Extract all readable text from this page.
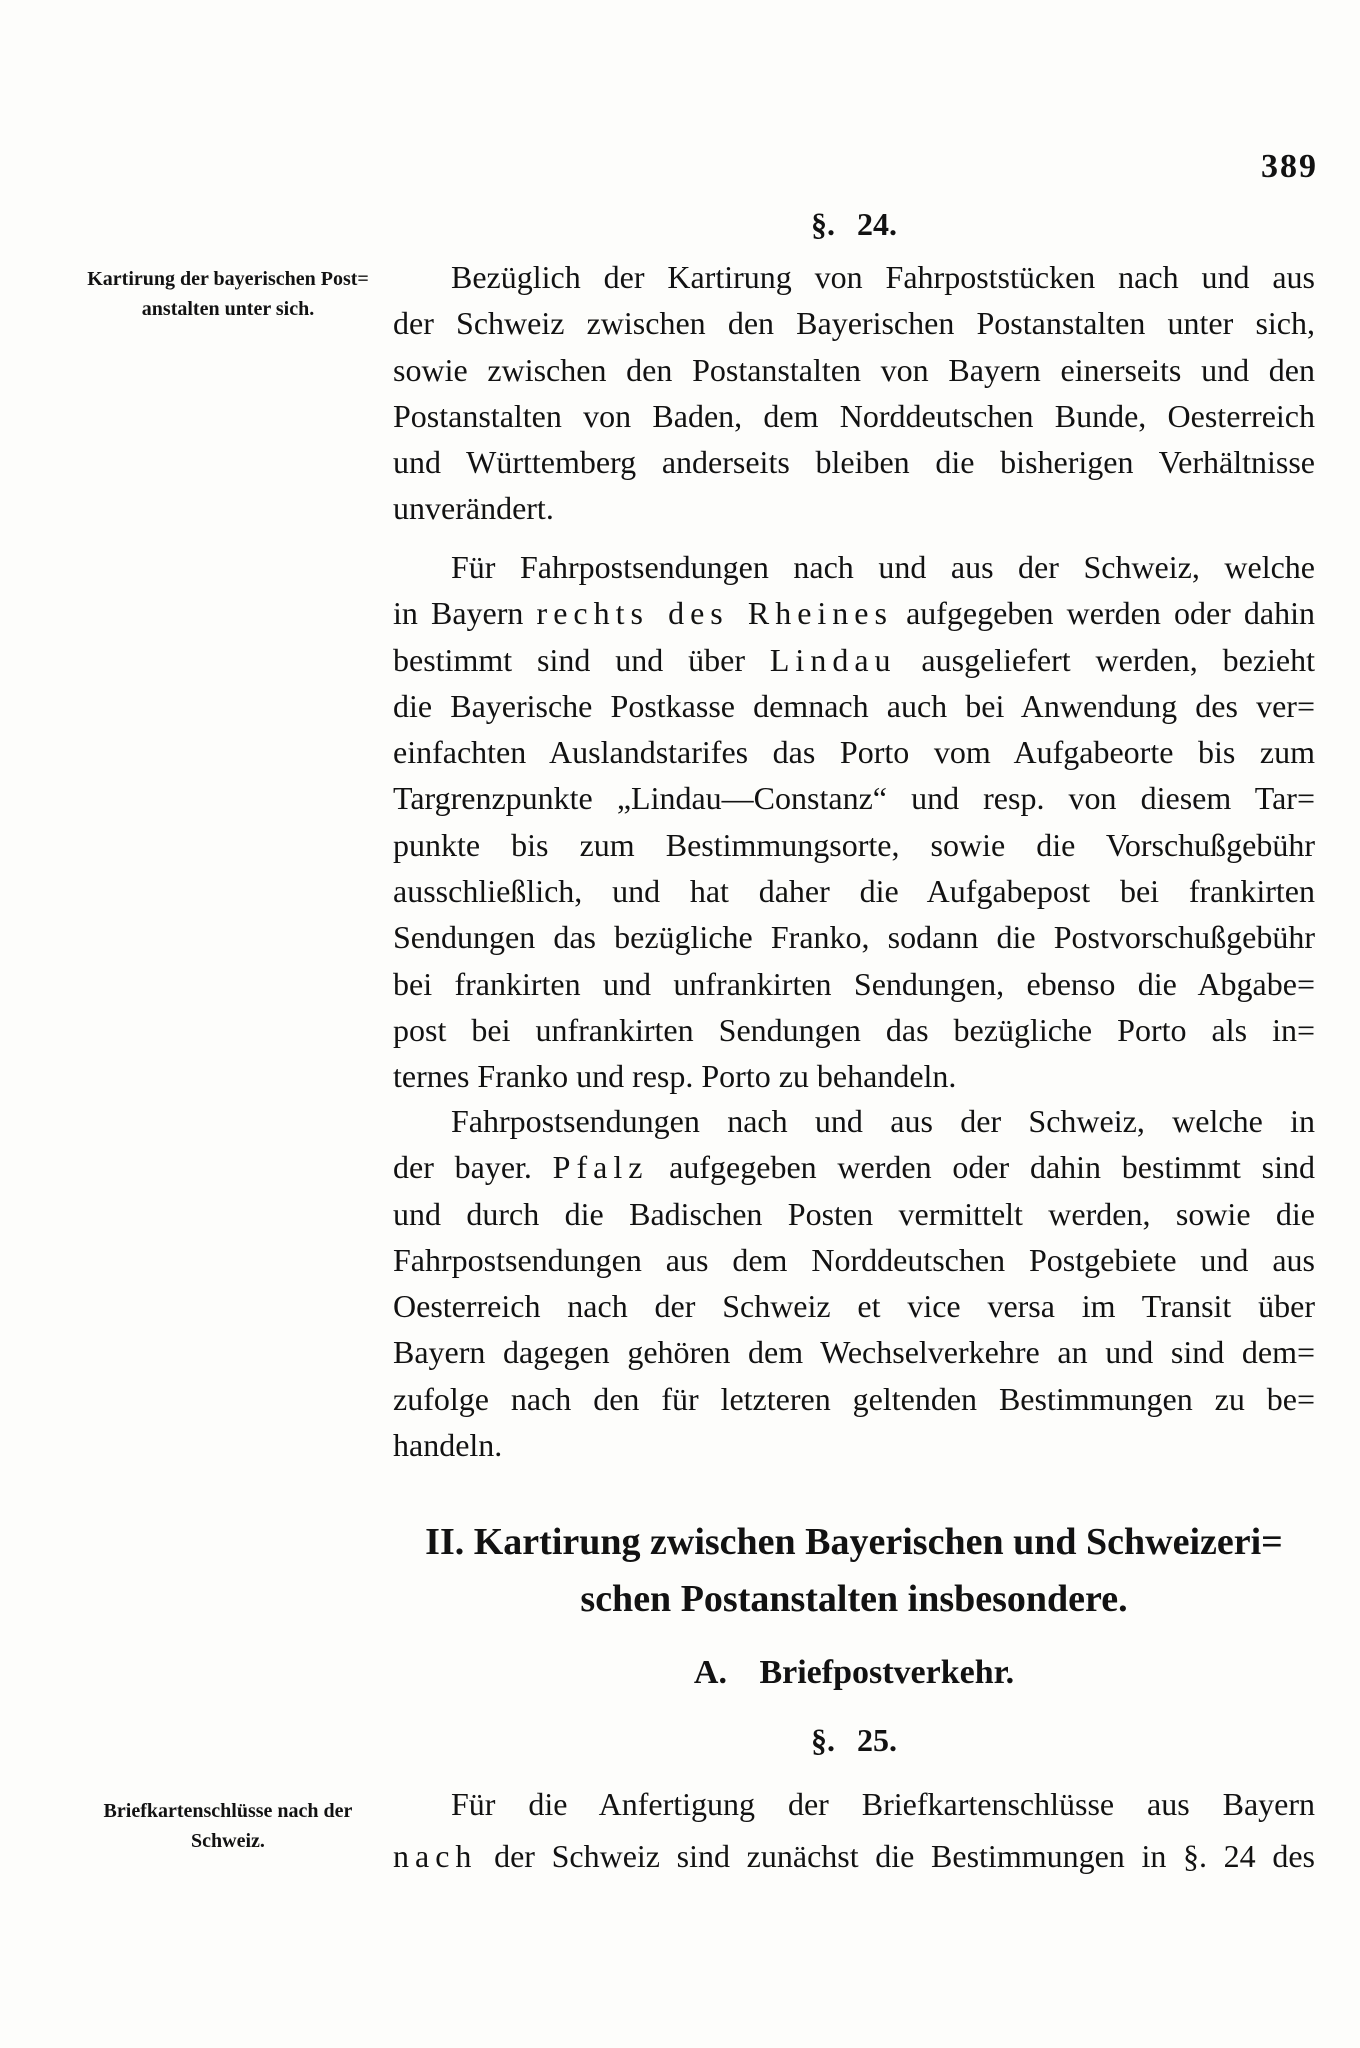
389
Kartirung der bayerischen Post=
anstalten unter sich.
Briefkartenschlüsse nach der
Schweiz.
§. 24.
Bezüglich der Kartirung von Fahrpoststücken nach und aus
der Schweiz zwischen den Bayerischen Postanstalten unter sich,
sowie zwischen den Postanstalten von Bayern einerseits und den
Postanstalten von Baden, dem Norddeutschen Bunde, Oesterreich
und Württemberg anderseits bleiben die bisherigen Verhältnisse
unverändert.
Für Fahrpostsendungen nach und aus der Schweiz, welche
in Bayern rechts des Rheines aufgegeben werden oder dahin
bestimmt sind und über Lindau ausgeliefert werden, bezieht
die Bayerische Postkasse demnach auch bei Anwendung des ver=
einfachten Auslandstarifes das Porto vom Aufgabeorte bis zum
Targrenzpunkte „Lindau—Constanz“ und resp. von diesem Tar=
punkte bis zum Bestimmungsorte, sowie die Vorschußgebühr
ausschließlich, und hat daher die Aufgabepost bei frankirten
Sendungen das bezügliche Franko, sodann die Postvorschußgebühr
bei frankirten und unfrankirten Sendungen, ebenso die Abgabe=
post bei unfrankirten Sendungen das bezügliche Porto als in=
ternes Franko und resp. Porto zu behandeln.
Fahrpostsendungen nach und aus der Schweiz, welche in
der bayer. Pfalz aufgegeben werden oder dahin bestimmt sind
und durch die Badischen Posten vermittelt werden, sowie die
Fahrpostsendungen aus dem Norddeutschen Postgebiete und aus
Oesterreich nach der Schweiz et vice versa im Transit über
Bayern dagegen gehören dem Wechselverkehre an und sind dem=
zufolge nach den für letzteren geltenden Bestimmungen zu be=
handeln.
II. Kartirung zwischen Bayerischen und Schweizeri=
schen Postanstalten insbesondere.
A. Briefpostverkehr.
§. 25.
Für die Anfertigung der Briefkartenschlüsse aus Bayern
nach der Schweiz sind zunächst die Bestimmungen in §. 24 des
